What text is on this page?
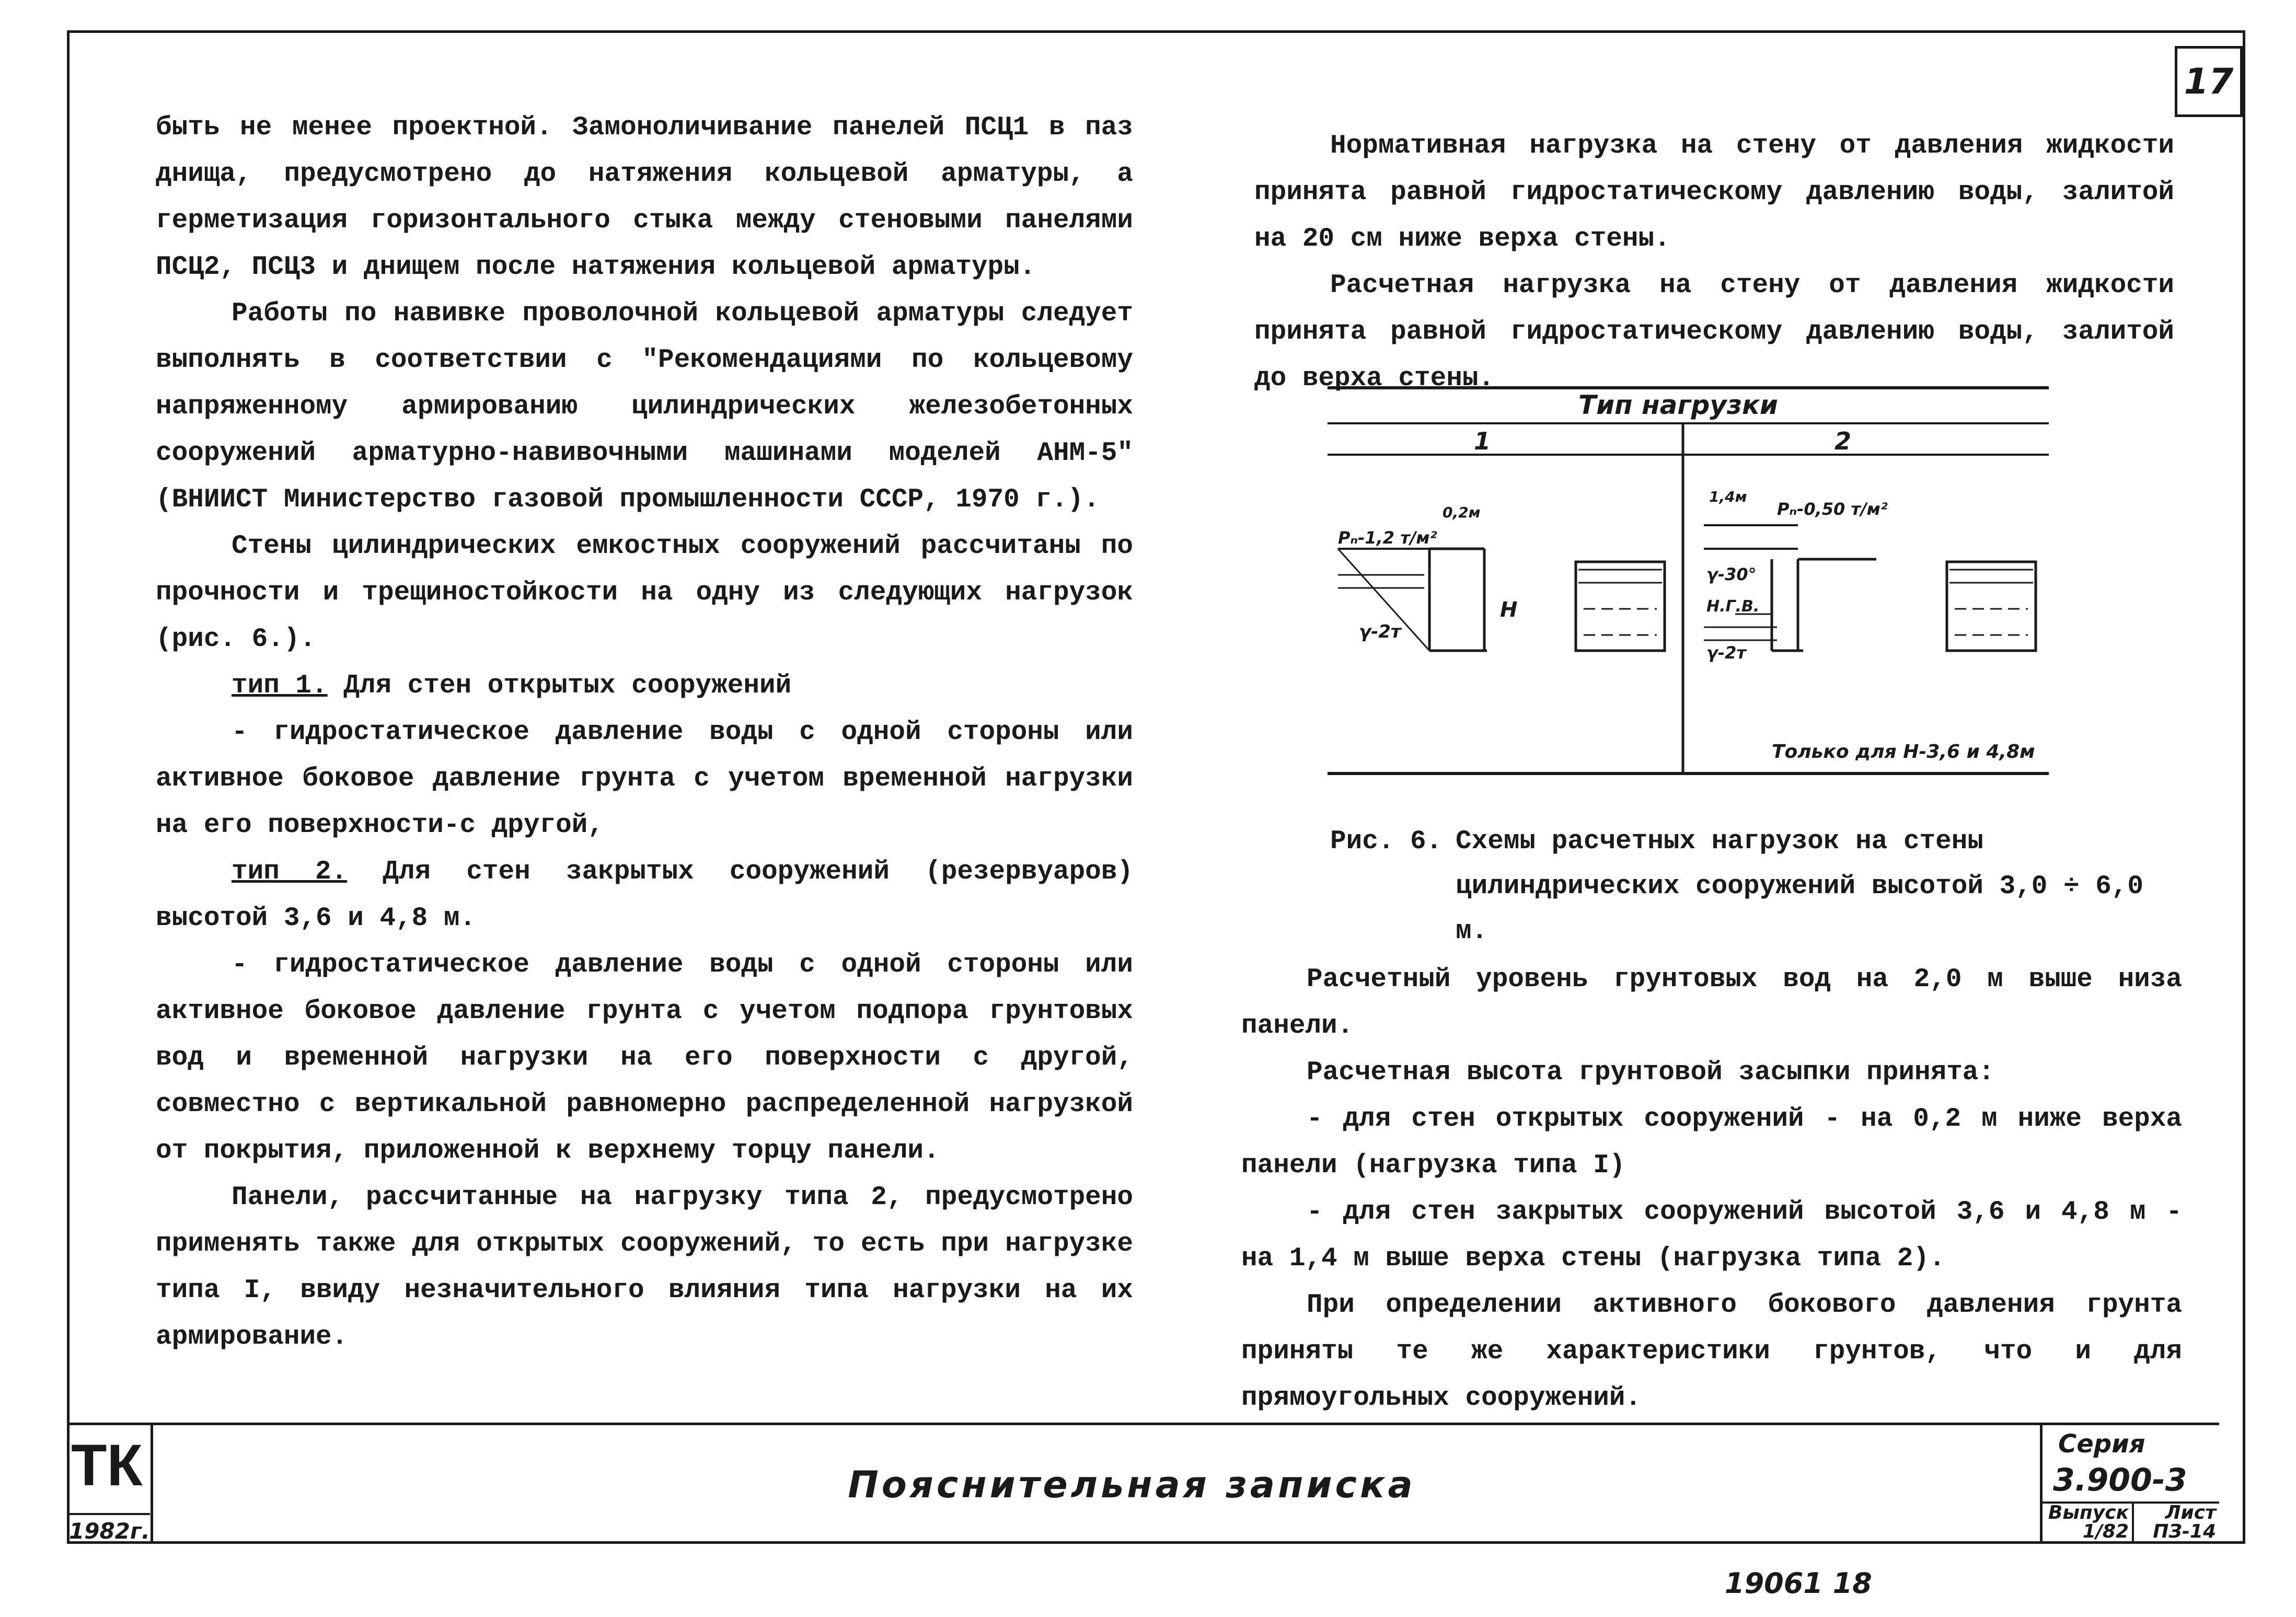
17

быть не менее проектной. Замоноличивание панелей ПСЦ1 в паз днища, предусмотрено до натяжения кольцевой арматуры, а герметизация горизонтального стыка между стеновыми панелями ПСЦ2, ПСЦ3 и днищем после натяжения кольцевой арматуры.

Работы по навивке проволочной кольцевой арматуры следует выполнять в соответствии с "Рекомендациями по кольцевому напряженному армированию цилиндрических железобетонных сооружений арматурно-навивочными машинами моделей АНМ-5" (ВНИИСТ Министерство газовой промышленности СССР, 1970 г.).

Стены цилиндрических емкостных сооружений рассчитаны по прочности и трещиностойкости на одну из следующих нагрузок (рис. 6.).

тип 1. Для стен открытых сооружений

- гидростатическое давление воды с одной стороны или активное боковое давление грунта с учетом временной нагрузки на его поверхности-с другой,

тип 2. Для стен закрытых сооружений (резервуаров) высотой 3,6 и 4,8 м.

- гидростатическое давление воды с одной стороны или активное боковое давление грунта с учетом подпора грунтовых вод и временной нагрузки на его поверхности с другой, совместно с вертикальной равномерно распределенной нагрузкой от покрытия, приложенной к верхнему торцу панели.

Панели, рассчитанные на нагрузку типа 2, предусмотрено применять также для открытых сооружений, то есть при нагрузке типа I, ввиду незначительного влияния типа нагрузки на их армирование.

Нормативная нагрузка на стену от давления жидкости принята равной гидростатическому давлению воды, залитой на 20 см ниже верха стены.

Расчетная нагрузка на стену от давления жидкости принята равной гидростатическому давлению воды, залитой до верха стены.

Тип нагрузки
1	2
Pₙ-1,2 т/м²
0,2м
γ-2т
Н
Pₙ-0,50 т/м²
1,4м
γ-30°
Н.Г.В.
γ-2т
Только для Н-3,6 и 4,8м
Рис. 6. Схемы расчетных нагрузок на стены цилиндрических сооружений высотой 3,0 ÷ 6,0 м.

Расчетный уровень грунтовых вод на 2,0 м выше низа панели.

Расчетная высота грунтовой засыпки принята:

- для стен открытых сооружений - на 0,2 м ниже верха панели (нагрузка типа I)

- для стен закрытых сооружений высотой 3,6 и 4,8 м - на 1,4 м выше верха стены (нагрузка типа 2).

При определении активного бокового давления грунта приняты те же характеристики грунтов, что и для прямоугольных сооружений.

ТК
1982г.
Пояснительная записка
Серия
3.900-3
Выпуск
1/82
Лист
ПЗ-14
19061 18
